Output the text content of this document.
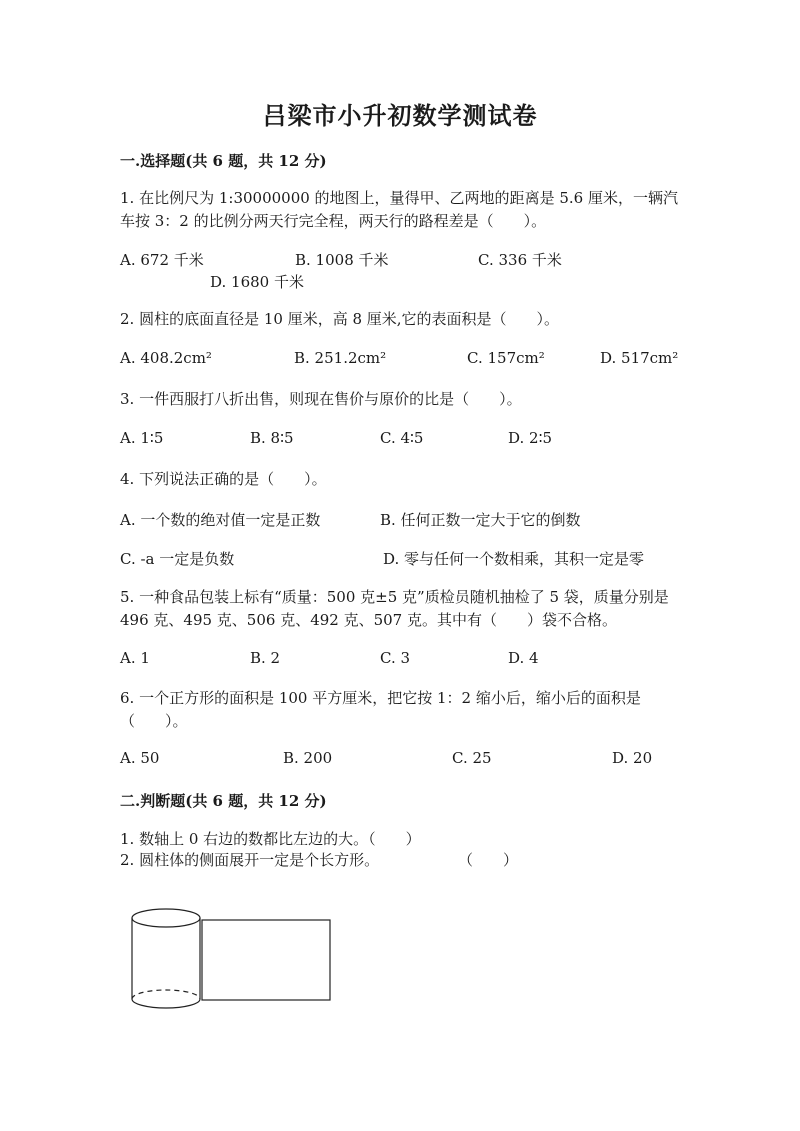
吕梁市小升初数学测试卷
一.选择题(共 6 题，共 12 分)
1. 在比例尺为 1:30000000 的地图上，量得甲、乙两地的距离是 5.6 厘米，一辆汽车按 3：2 的比例分两天行完全程，两天行的路程差是（　　）。
A. 672 千米	B. 1008 千米	C. 336 千米
D. 1680 千米
2. 圆柱的底面直径是 10 厘米，高 8 厘米,它的表面积是（　　）。
A. 408.2cm²	B. 251.2cm²	C. 157cm²	D. 517cm²
3. 一件西服打八折出售，则现在售价与原价的比是（　　）。
A. 1∶5	B. 8∶5	C. 4∶5	D. 2∶5
4. 下列说法正确的是（　　）。
A. 一个数的绝对值一定是正数	B. 任何正数一定大于它的倒数
C. -a 一定是负数	D. 零与任何一个数相乘，其积一定是零
5. 一种食品包装上标有“质量：500 克±5 克”质检员随机抽检了 5 袋，质量分别是 496 克、495 克、506 克、492 克、507 克。其中有（　　）袋不合格。
A. 1	B. 2	C. 3	D. 4
6. 一个正方形的面积是 100 平方厘米，把它按 1：2 缩小后，缩小后的面积是（　　）。
A. 50	B. 200	C. 25	D. 20
二.判断题(共 6 题，共 12 分)
1. 数轴上 0 右边的数都比左边的大。（　　）
2. 圆柱体的侧面展开一定是个长方形。	（　　）
